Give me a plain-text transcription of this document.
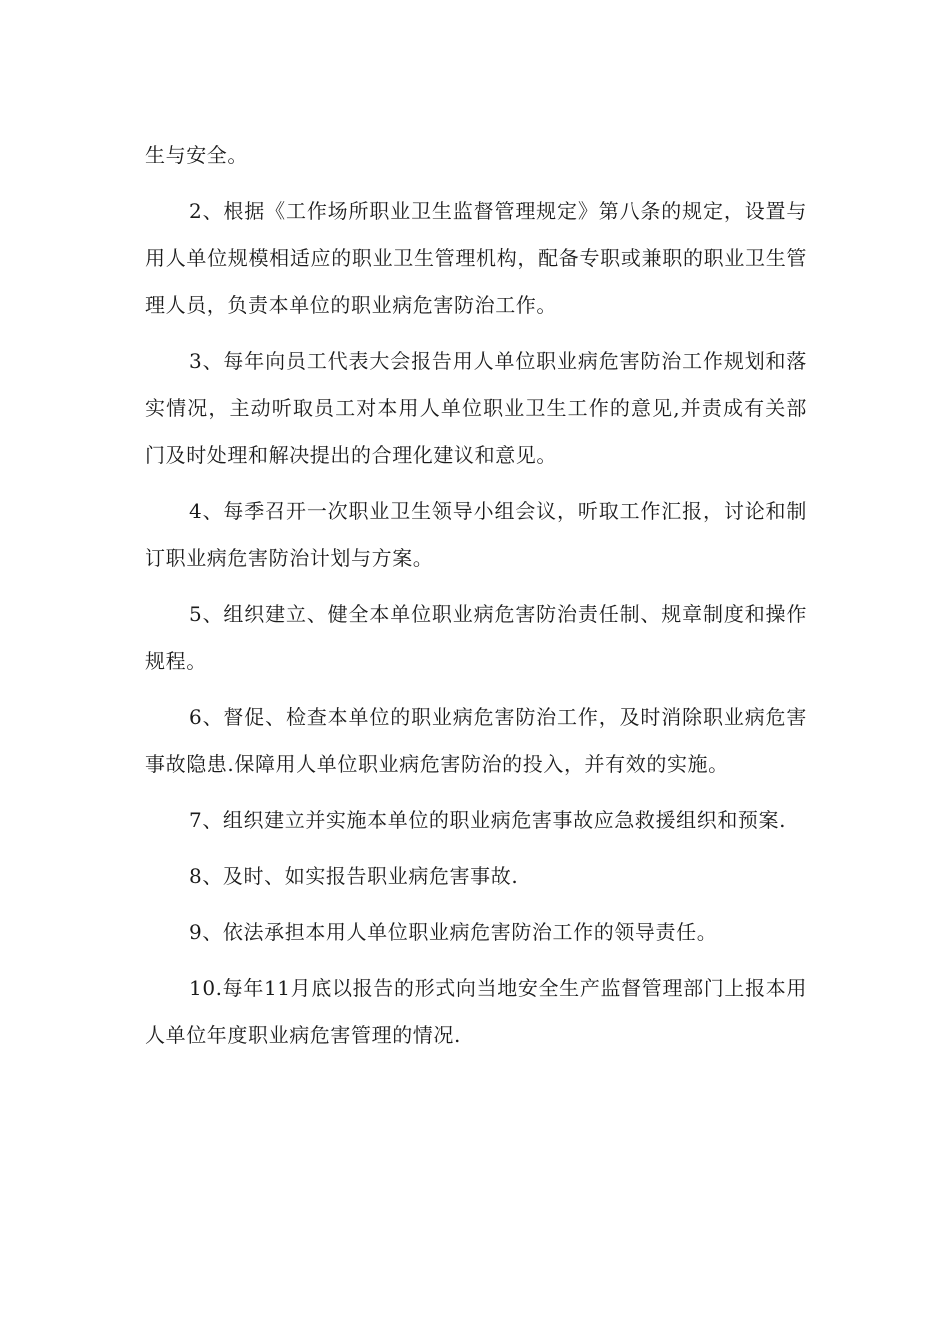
生与安全。

2、根据《工作场所职业卫生监督管理规定》第八条的规定，设置与用人单位规模相适应的职业卫生管理机构，配备专职或兼职的职业卫生管理人员，负责本单位的职业病危害防治工作。

3、每年向员工代表大会报告用人单位职业病危害防治工作规划和落实情况，主动听取员工对本用人单位职业卫生工作的意见,并责成有关部门及时处理和解决提出的合理化建议和意见。

4、每季召开一次职业卫生领导小组会议，听取工作汇报，讨论和制订职业病危害防治计划与方案。

5、组织建立、健全本单位职业病危害防治责任制、规章制度和操作规程。

6、督促、检查本单位的职业病危害防治工作，及时消除职业病危害事故隐患.保障用人单位职业病危害防治的投入，并有效的实施。

7、组织建立并实施本单位的职业病危害事故应急救援组织和预案.

8、及时、如实报告职业病危害事故.

9、依法承担本用人单位职业病危害防治工作的领导责任。

10.每年11月底以报告的形式向当地安全生产监督管理部门上报本用人单位年度职业病危害管理的情况.
